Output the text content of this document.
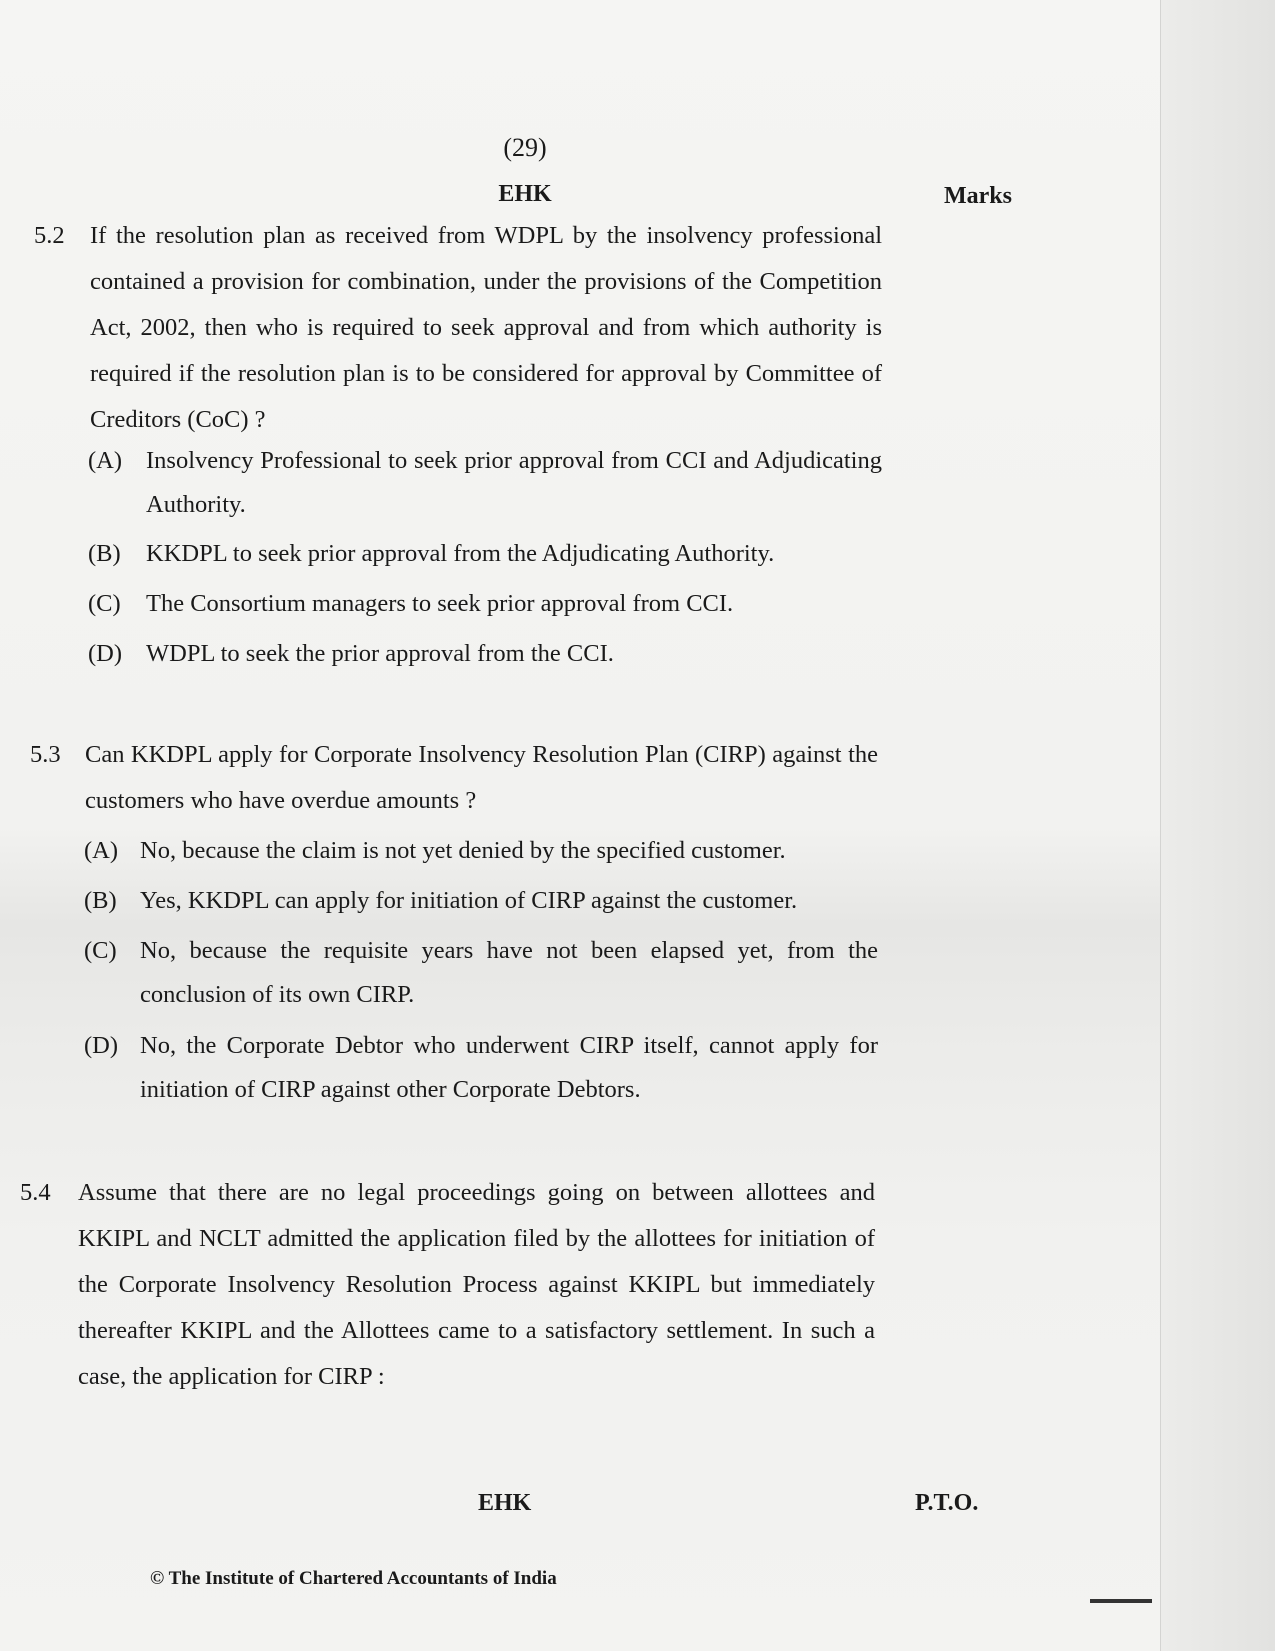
(29)
EHK	Marks
5.2 If the resolution plan as received from WDPL by the insolvency professional contained a provision for combination, under the provisions of the Competition Act, 2002, then who is required to seek approval and from which authority is required if the resolution plan is to be considered for approval by Committee of Creditors (CoC) ?
(A) Insolvency Professional to seek prior approval from CCI and Adjudicating Authority.
(B) KKDPL to seek prior approval from the Adjudicating Authority.
(C) The Consortium managers to seek prior approval from CCI.
(D) WDPL to seek the prior approval from the CCI.
5.3 Can KKDPL apply for Corporate Insolvency Resolution Plan (CIRP) against the customers who have overdue amounts ?
(A) No, because the claim is not yet denied by the specified customer.
(B) Yes, KKDPL can apply for initiation of CIRP against the customer.
(C) No, because the requisite years have not been elapsed yet, from the conclusion of its own CIRP.
(D) No, the Corporate Debtor who underwent CIRP itself, cannot apply for initiation of CIRP against other Corporate Debtors.
5.4 Assume that there are no legal proceedings going on between allottees and KKIPL and NCLT admitted the application filed by the allottees for initiation of the Corporate Insolvency Resolution Process against KKIPL but immediately thereafter KKIPL and the Allottees came to a satisfactory settlement. In such a case, the application for CIRP :
EHK	P.T.O.
© The Institute of Chartered Accountants of India
